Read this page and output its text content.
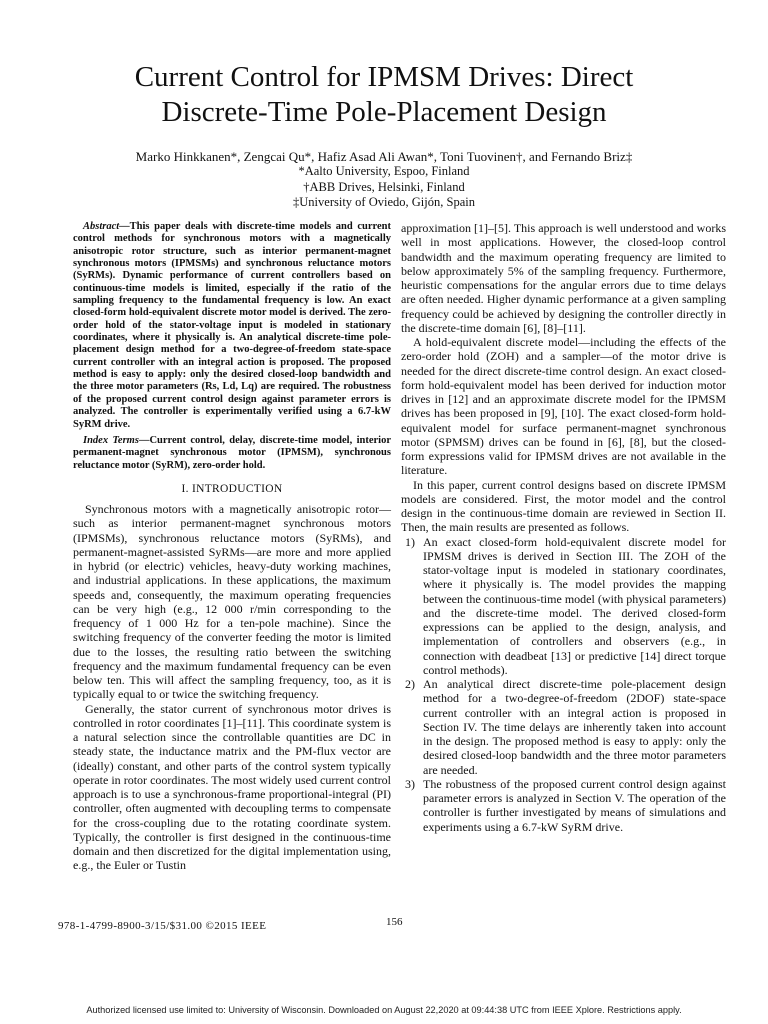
Current Control for IPMSM Drives: Direct
Discrete-Time Pole-Placement Design
Marko Hinkkanen*, Zengcai Qu*, Hafiz Asad Ali Awan*, Toni Tuovinen†, and Fernando Briz‡
*Aalto University, Espoo, Finland
†ABB Drives, Helsinki, Finland
‡University of Oviedo, Gijón, Spain

Abstract—This paper deals with discrete-time models and current control methods for synchronous motors with a magnetically anisotropic rotor structure, such as interior permanent-magnet synchronous motors (IPMSMs) and synchronous reluctance motors (SyRMs). Dynamic performance of current controllers based on continuous-time models is limited, especially if the ratio of the sampling frequency to the fundamental frequency is low. An exact closed-form hold-equivalent discrete motor model is derived. The zero-order hold of the stator-voltage input is modeled in stationary coordinates, where it physically is. An analytical discrete-time pole-placement design method for a two-degree-of-freedom state-space current controller with an integral action is proposed. The proposed method is easy to apply: only the desired closed-loop bandwidth and the three motor parameters (Rs, Ld, Lq) are required. The robustness of the proposed current control design against parameter errors is analyzed. The controller is experimentally verified using a 6.7-kW SyRM drive.

Index Terms—Current control, delay, discrete-time model, interior permanent-magnet synchronous motor (IPMSM), synchronous reluctance motor (SyRM), zero-order hold.

I. INTRODUCTION

Synchronous motors with a magnetically anisotropic rotor—such as interior permanent-magnet synchronous motors (IPMSMs), synchronous reluctance motors (SyRMs), and permanent-magnet-assisted SyRMs—are more and more applied in hybrid (or electric) vehicles, heavy-duty working machines, and industrial applications. In these applications, the maximum speeds and, consequently, the maximum operating frequencies can be very high (e.g., 12 000 r/min corresponding to the frequency of 1 000 Hz for a ten-pole machine). Since the switching frequency of the converter feeding the motor is limited due to the losses, the resulting ratio between the switching frequency and the maximum fundamental frequency can be even below ten. This will affect the sampling frequency, too, as it is typically equal to or twice the switching frequency.

Generally, the stator current of synchronous motor drives is controlled in rotor coordinates [1]–[11]. This coordinate system is a natural selection since the controllable quantities are DC in steady state, the inductance matrix and the PM-flux vector are (ideally) constant, and other parts of the control system typically operate in rotor coordinates. The most widely used current control approach is to use a synchronous-frame proportional-integral (PI) controller, often augmented with decoupling terms to compensate for the cross-coupling due to the rotating coordinate system. Typically, the controller is first designed in the continuous-time domain and then discretized for the digital implementation using, e.g., the Euler or Tustin

approximation [1]–[5]. This approach is well understood and works well in most applications. However, the closed-loop control bandwidth and the maximum operating frequency are limited to below approximately 5% of the sampling frequency. Furthermore, heuristic compensations for the angular errors due to time delays are often needed. Higher dynamic performance at a given sampling frequency could be achieved by designing the controller directly in the discrete-time domain [6], [8]–[11].

A hold-equivalent discrete model—including the effects of the zero-order hold (ZOH) and a sampler—of the motor drive is needed for the direct discrete-time control design. An exact closed-form hold-equivalent model has been derived for induction motor drives in [12] and an approximate discrete model for the IPMSM drives has been proposed in [9], [10]. The exact closed-form hold-equivalent model for surface permanent-magnet synchronous motor (SPMSM) drives can be found in [6], [8], but the closed-form expressions valid for IPMSM drives are not available in the literature.

In this paper, current control designs based on discrete IPMSM models are considered. First, the motor model and the control design in the continuous-time domain are reviewed in Section II. Then, the main results are presented as follows.

1) An exact closed-form hold-equivalent discrete model for IPMSM drives is derived in Section III. The ZOH of the stator-voltage input is modeled in stationary coordinates, where it physically is. The model provides the mapping between the continuous-time model (with physical parameters) and the discrete-time model. The derived closed-form expressions can be applied to the design, analysis, and implementation of controllers and observers (e.g., in connection with deadbeat [13] or predictive [14] direct torque control methods).
2) An analytical direct discrete-time pole-placement design method for a two-degree-of-freedom (2DOF) state-space current controller with an integral action is proposed in Section IV. The time delays are inherently taken into account in the design. The proposed method is easy to apply: only the desired closed-loop bandwidth and the three motor parameters are needed.
3) The robustness of the proposed current control design against parameter errors is analyzed in Section V. The operation of the controller is further investigated by means of simulations and experiments using a 6.7-kW SyRM drive.
978-1-4799-8900-3/15/$31.00 ©2015 IEEE	156
Authorized licensed use limited to: University of Wisconsin. Downloaded on August 22,2020 at 09:44:38 UTC from IEEE Xplore. Restrictions apply.
